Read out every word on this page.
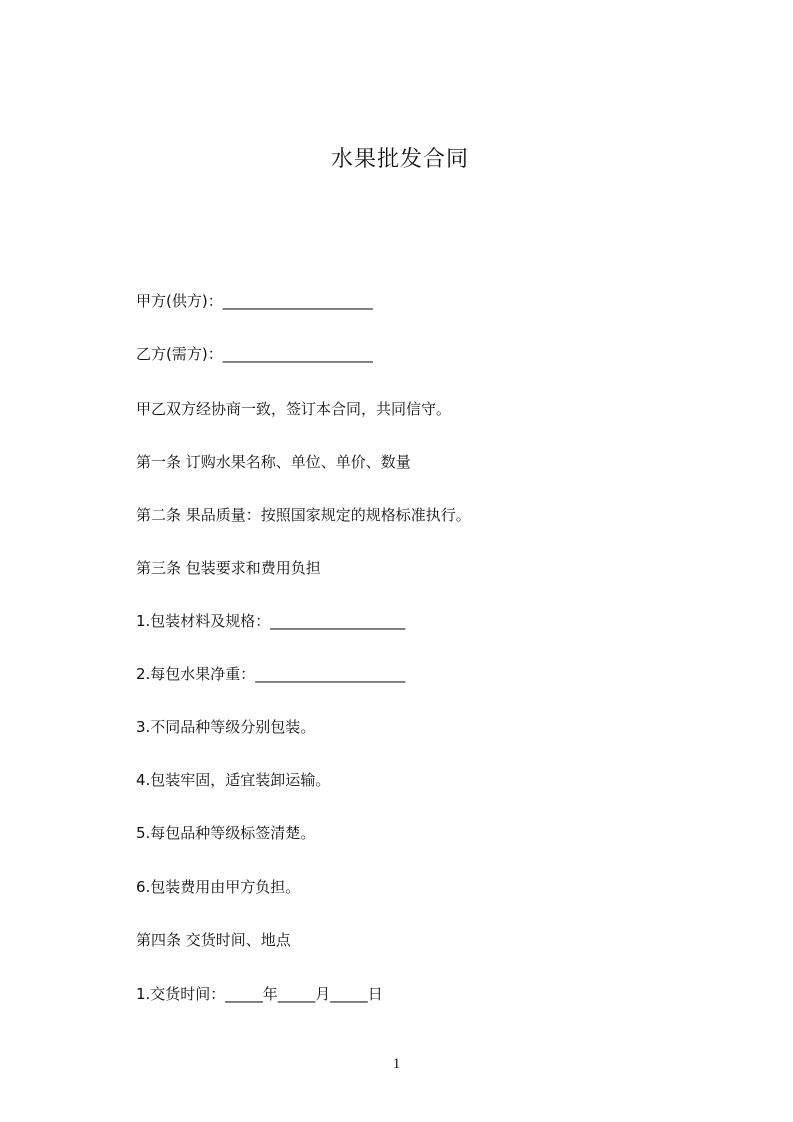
水果批发合同
甲方(供方)：____________________
乙方(需方)：____________________
甲乙双方经协商一致，签订本合同，共同信守。
第一条 订购水果名称、单位、单价、数量
第二条 果品质量：按照国家规定的规格标准执行。
第三条 包装要求和费用负担
1.包装材料及规格：__________________
2.每包水果净重：____________________
3.不同品种等级分别包装。
4.包装牢固，适宜装卸运输。
5.每包品种等级标签清楚。
6.包装费用由甲方负担。
第四条 交货时间、地点
1.交货时间：_____年_____月_____日
1
